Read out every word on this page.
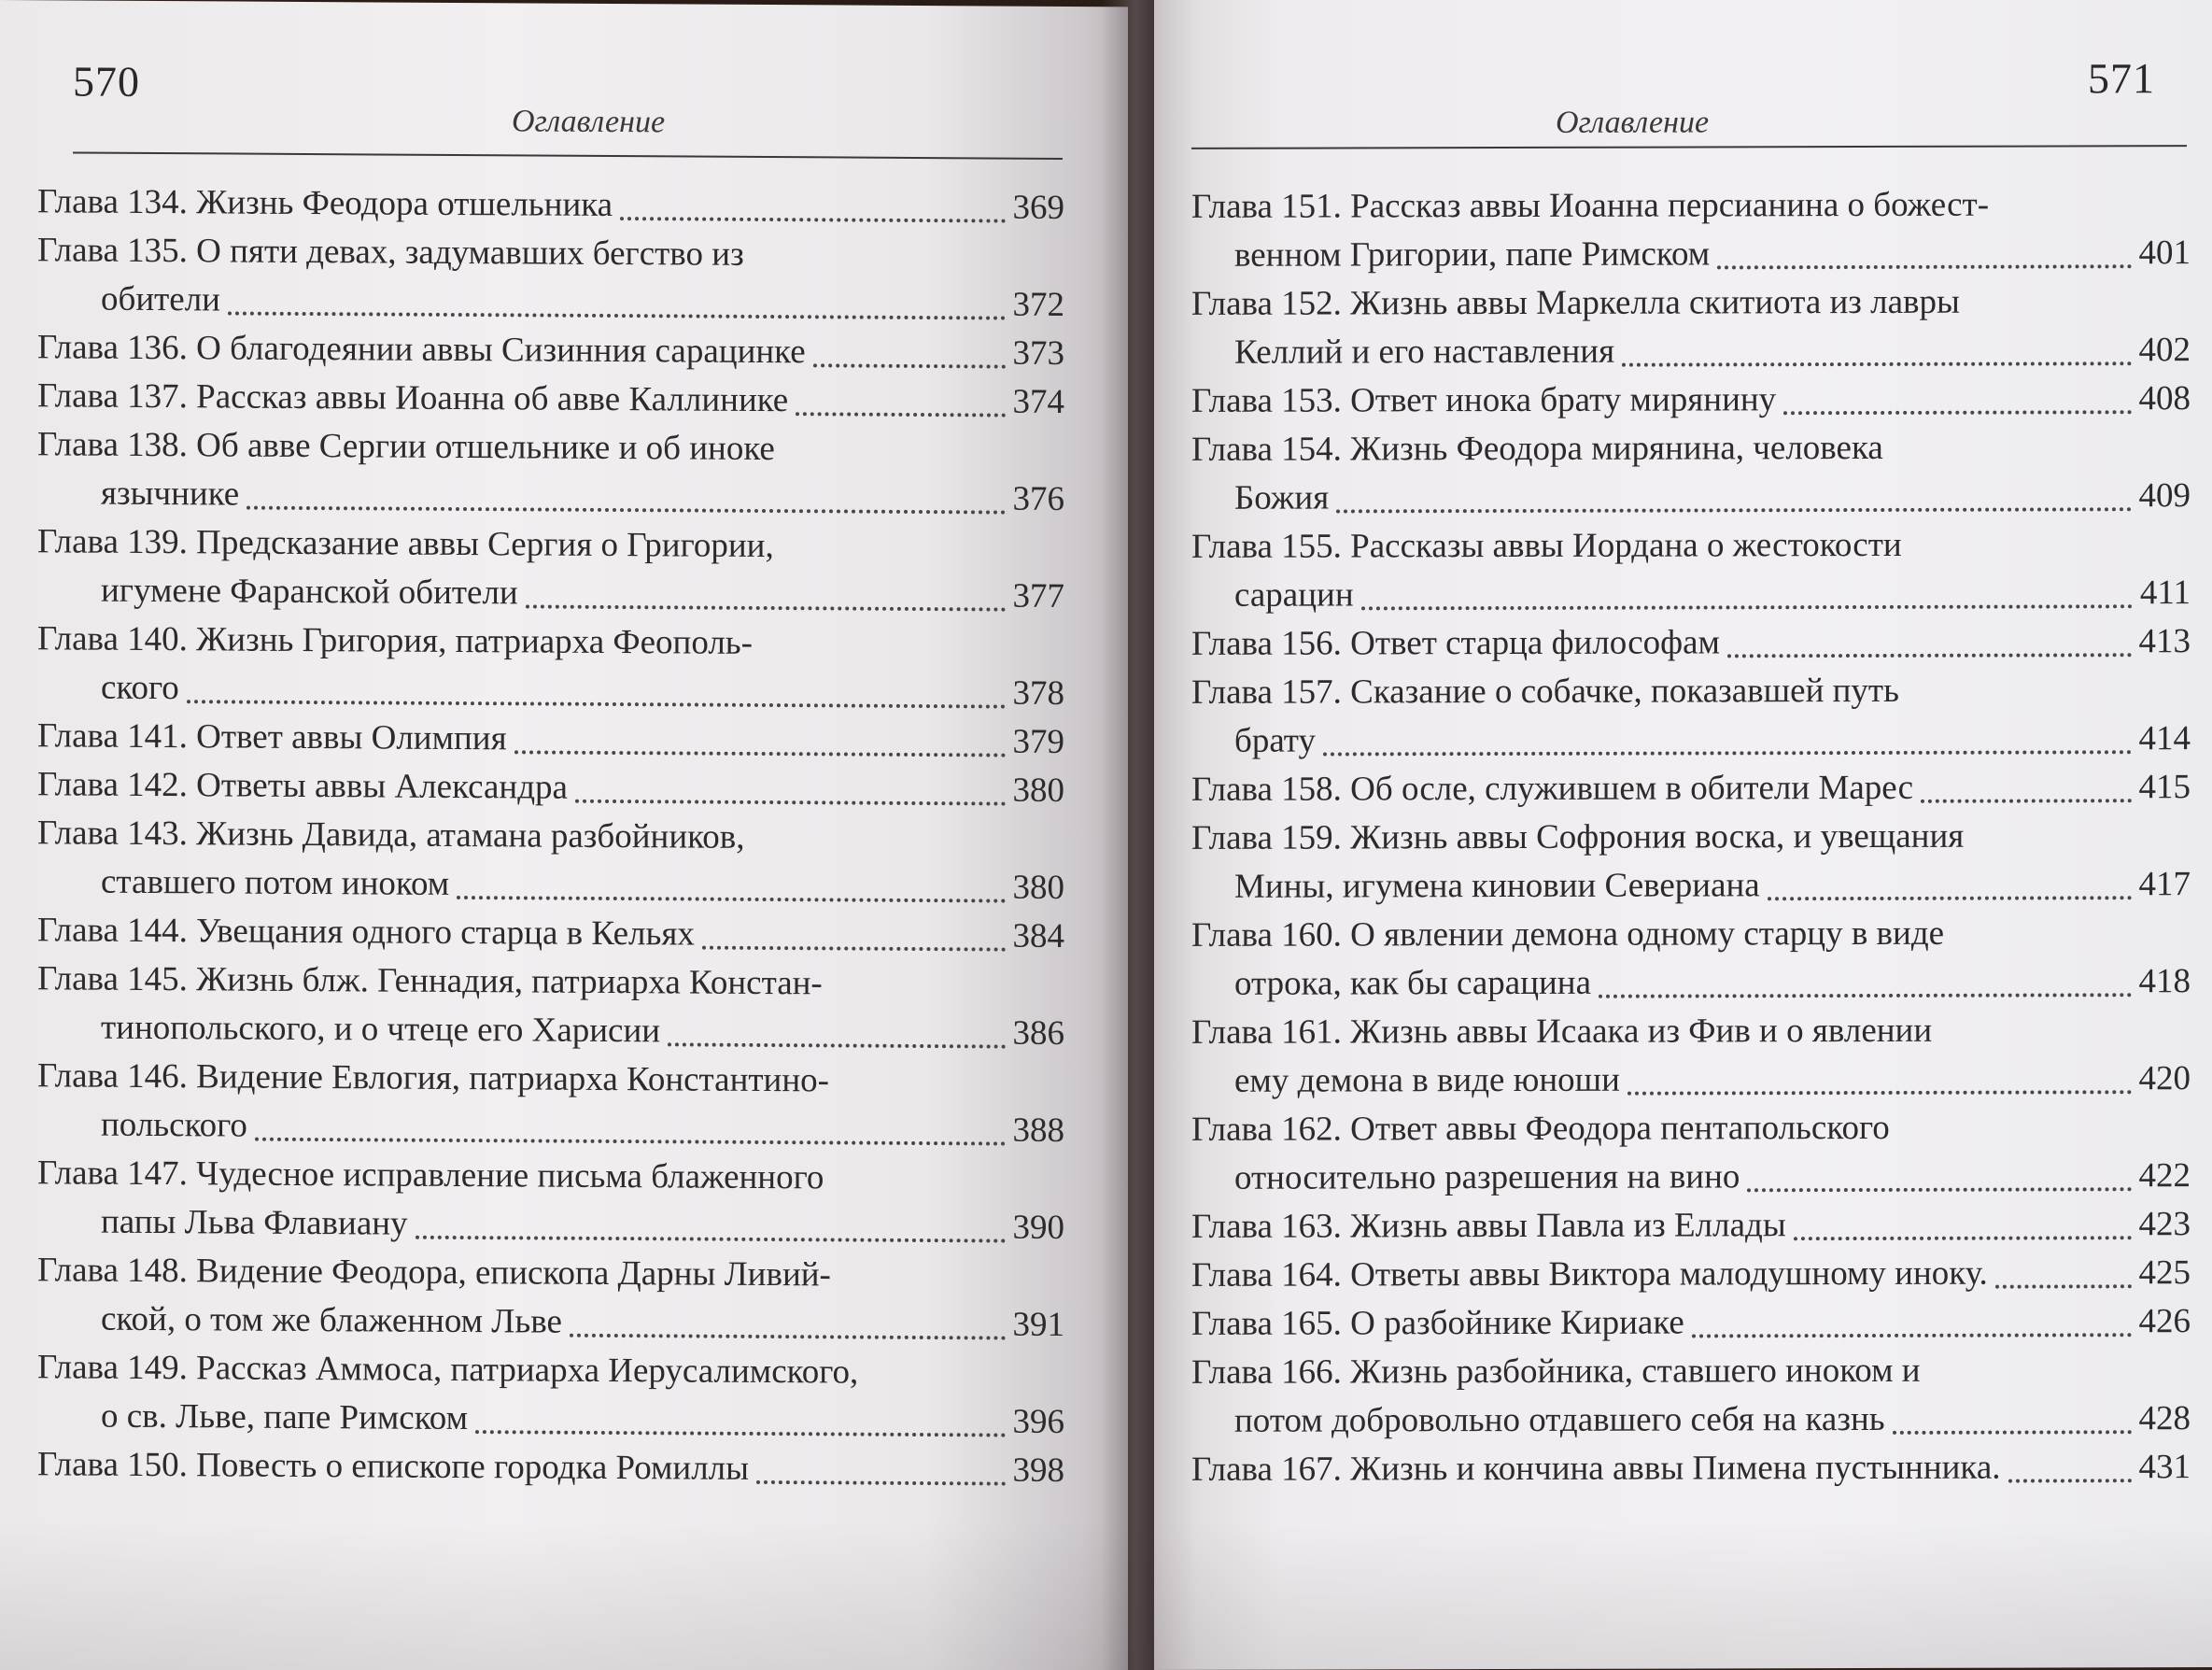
570
Оглавление
Глава 134. Жизнь Феодора отшельника	369
Глава 135. О пяти девах, задумавших бегство из
обители	372
Глава 136. О благодеянии аввы Сизинния сарацинке	373
Глава 137. Рассказ аввы Иоанна об авве Каллинике	374
Глава 138. Об авве Сергии отшельнике и об иноке
язычнике	376
Глава 139. Предсказание аввы Сергия о Григории,
игумене Фаранской обители	377
Глава 140. Жизнь Григория, патриарха Феополь-
ского	378
Глава 141. Ответ аввы Олимпия	379
Глава 142. Ответы аввы Александра	380
Глава 143. Жизнь Давида, атамана разбойников,
ставшего потом иноком	380
Глава 144. Увещания одного старца в Кельях	384
Глава 145. Жизнь блж. Геннадия, патриарха Констан-
тинопольского, и о чтеце его Харисии	386
Глава 146. Видение Евлогия, патриарха Константино-
польского	388
Глава 147. Чудесное исправление письма блаженного
папы Льва Флавиану	390
Глава 148. Видение Феодора, епископа Дарны Ливий-
ской, о том же блаженном Льве	391
Глава 149. Рассказ Аммоса, патриарха Иерусалимского,
о св. Льве, папе Римском	396
Глава 150. Повесть о епископе городка Ромиллы	398
571
Оглавление
Глава 151. Рассказ аввы Иоанна персианина о божест-
венном Григории, папе Римском	401
Глава 152. Жизнь аввы Маркелла скитиота из лавры
Келлий и его наставления	402
Глава 153. Ответ инока брату мирянину	408
Глава 154. Жизнь Феодора мирянина, человека
Божия	409
Глава 155. Рассказы аввы Иордана о жестокости
сарацин	411
Глава 156. Ответ старца философам	413
Глава 157. Сказание о собачке, показавшей путь
брату	414
Глава 158. Об осле, служившем в обители Марес	415
Глава 159. Жизнь аввы Софрония воска, и увещания
Мины, игумена киновии Севериана	417
Глава 160. О явлении демона одному старцу в виде
отрока, как бы сарацина	418
Глава 161. Жизнь аввы Исаака из Фив и о явлении
ему демона в виде юноши	420
Глава 162. Ответ аввы Феодора пентапольского
относительно разрешения на вино	422
Глава 163. Жизнь аввы Павла из Еллады	423
Глава 164. Ответы аввы Виктора малодушному иноку.	425
Глава 165. О разбойнике Кириаке	426
Глава 166. Жизнь разбойника, ставшего иноком и
потом добровольно отдавшего себя на казнь	428
Глава 167. Жизнь и кончина аввы Пимена пустынника.	431
